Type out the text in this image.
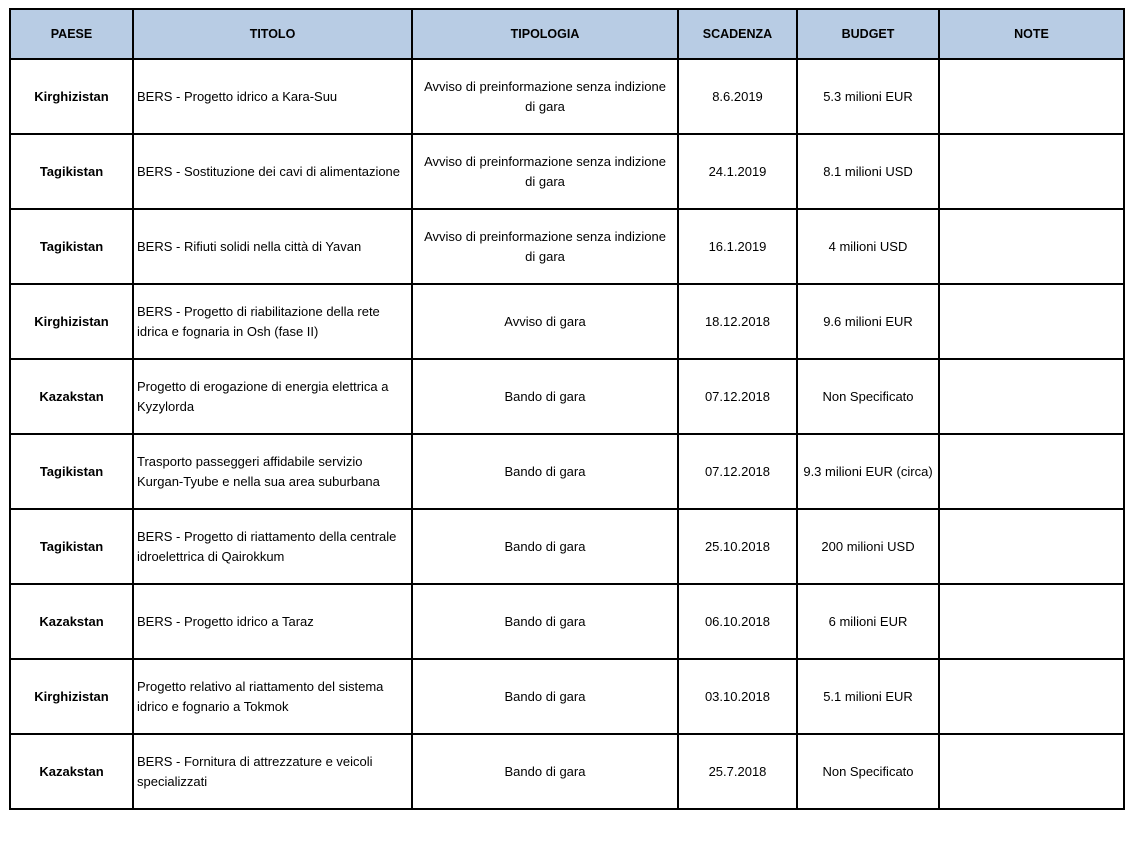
PAESE	TITOLO	TIPOLOGIA	SCADENZA	BUDGET	NOTE
Kirghizistan	BERS - Progetto idrico a Kara-Suu	Avviso di preinformazione senza indizione di gara	8.6.2019	5.3 milioni EUR	
Tagikistan	BERS - Sostituzione dei cavi di alimentazione	Avviso di preinformazione senza indizione di gara	24.1.2019	8.1 milioni USD	
Tagikistan	BERS - Rifiuti solidi nella città di Yavan	Avviso di preinformazione senza indizione di gara	16.1.2019	4 milioni USD	
Kirghizistan	BERS - Progetto di riabilitazione della rete idrica e fognaria in Osh (fase II)	Avviso di gara	18.12.2018	9.6 milioni EUR	
Kazakstan	Progetto di erogazione di energia elettrica a Kyzylorda	Bando di gara	07.12.2018	Non Specificato	
Tagikistan	Trasporto passeggeri affidabile servizio Kurgan-Tyube e nella sua area suburbana	Bando di gara	07.12.2018	9.3 milioni EUR (circa)	
Tagikistan	BERS - Progetto di riattamento della centrale idroelettrica di Qairokkum	Bando di gara	25.10.2018	200 milioni USD	
Kazakstan	BERS - Progetto idrico a Taraz	Bando di gara	06.10.2018	6 milioni EUR	
Kirghizistan	Progetto relativo al riattamento del sistema idrico e fognario a Tokmok	Bando di gara	03.10.2018	5.1 milioni EUR	
Kazakstan	BERS - Fornitura di attrezzature e veicoli specializzati	Bando di gara	25.7.2018	Non Specificato	
